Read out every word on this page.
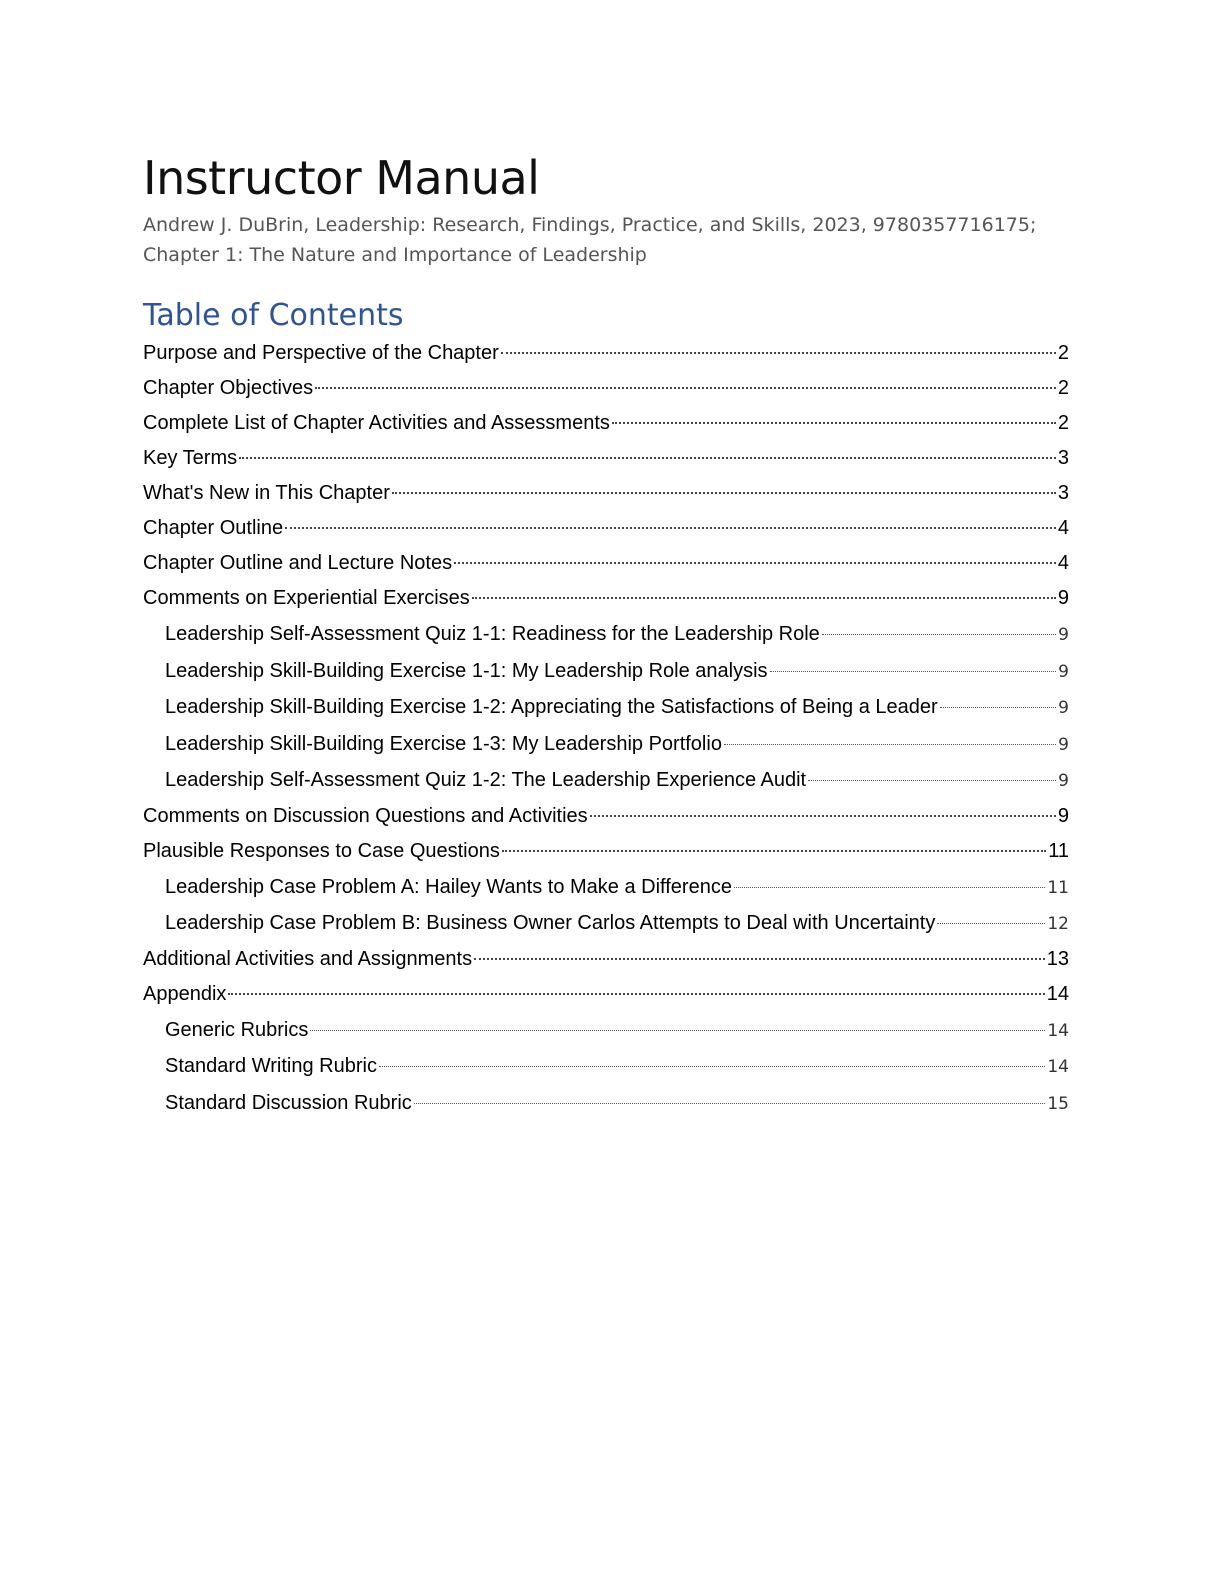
Instructor Manual
Andrew J. DuBrin, Leadership: Research, Findings, Practice, and Skills, 2023, 9780357716175;
Chapter 1: The Nature and Importance of Leadership
Table of Contents
Purpose and Perspective of the Chapter	2
Chapter Objectives	2
Complete List of Chapter Activities and Assessments	2
Key Terms	3
What's New in This Chapter	3
Chapter Outline	4
Chapter Outline and Lecture Notes	4
Comments on Experiential Exercises	9
Leadership Self-Assessment Quiz 1-1: Readiness for the Leadership Role	9
Leadership Skill-Building Exercise 1-1: My Leadership Role analysis	9
Leadership Skill-Building Exercise 1-2: Appreciating the Satisfactions of Being a Leader	9
Leadership Skill-Building Exercise 1-3: My Leadership Portfolio	9
Leadership Self-Assessment Quiz 1-2: The Leadership Experience Audit	9
Comments on Discussion Questions and Activities	9
Plausible Responses to Case Questions	11
Leadership Case Problem A: Hailey Wants to Make a Difference	11
Leadership Case Problem B: Business Owner Carlos Attempts to Deal with Uncertainty	12
Additional Activities and Assignments	13
Appendix	14
Generic Rubrics	14
Standard Writing Rubric	14
Standard Discussion Rubric	15
